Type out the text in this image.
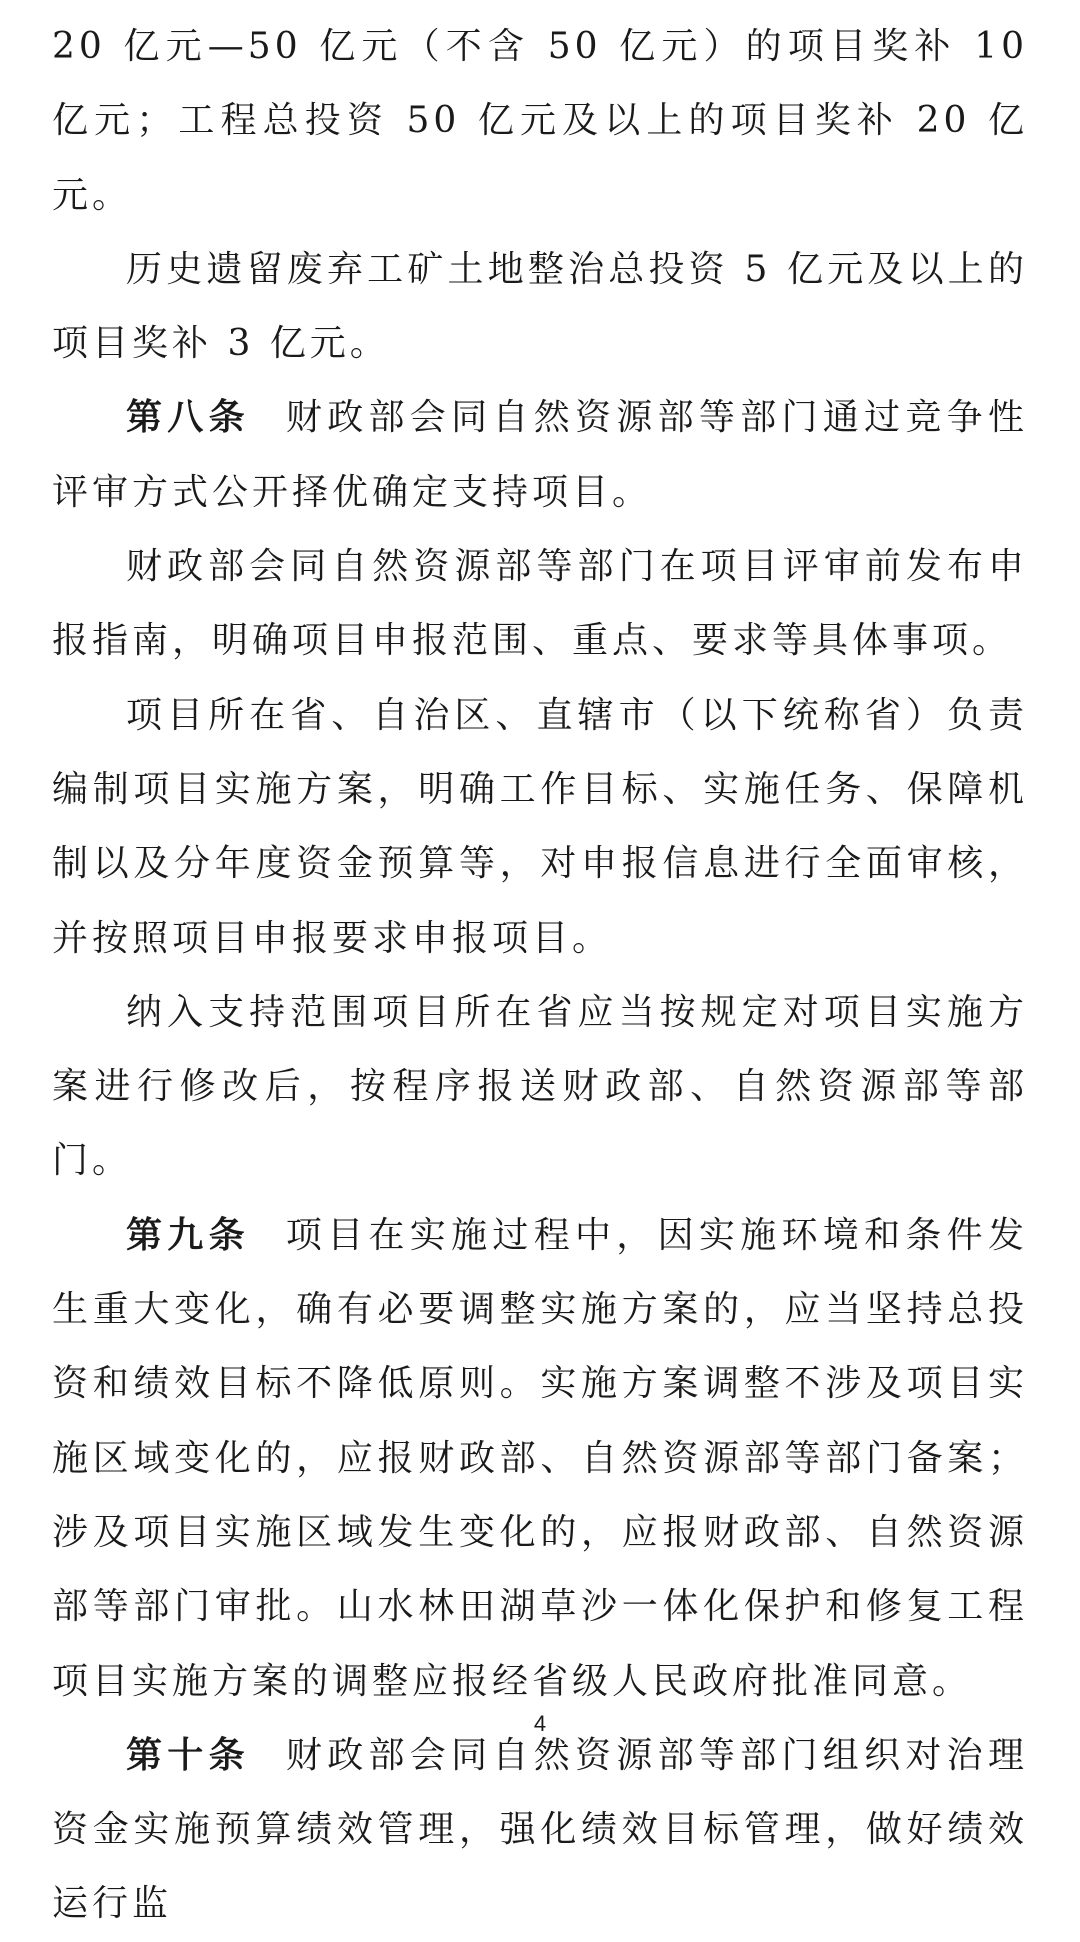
20 亿元—50 亿元（不含 50 亿元）的项目奖补 10 亿元；工程总投资 50 亿元及以上的项目奖补 20 亿元。

历史遗留废弃工矿土地整治总投资 5 亿元及以上的项目奖补 3 亿元。

第八条 财政部会同自然资源部等部门通过竞争性评审方式公开择优确定支持项目。

财政部会同自然资源部等部门在项目评审前发布申报指南，明确项目申报范围、重点、要求等具体事项。

项目所在省、自治区、直辖市（以下统称省）负责编制项目实施方案，明确工作目标、实施任务、保障机制以及分年度资金预算等，对申报信息进行全面审核，并按照项目申报要求申报项目。

纳入支持范围项目所在省应当按规定对项目实施方案进行修改后，按程序报送财政部、自然资源部等部门。

第九条 项目在实施过程中，因实施环境和条件发生重大变化，确有必要调整实施方案的，应当坚持总投资和绩效目标不降低原则。实施方案调整不涉及项目实施区域变化的，应报财政部、自然资源部等部门备案；涉及项目实施区域发生变化的，应报财政部、自然资源部等部门审批。山水林田湖草沙一体化保护和修复工程项目实施方案的调整应报经省级人民政府批准同意。

第十条 财政部会同自然资源部等部门组织对治理资金实施预算绩效管理，强化绩效目标管理，做好绩效运行监

4
